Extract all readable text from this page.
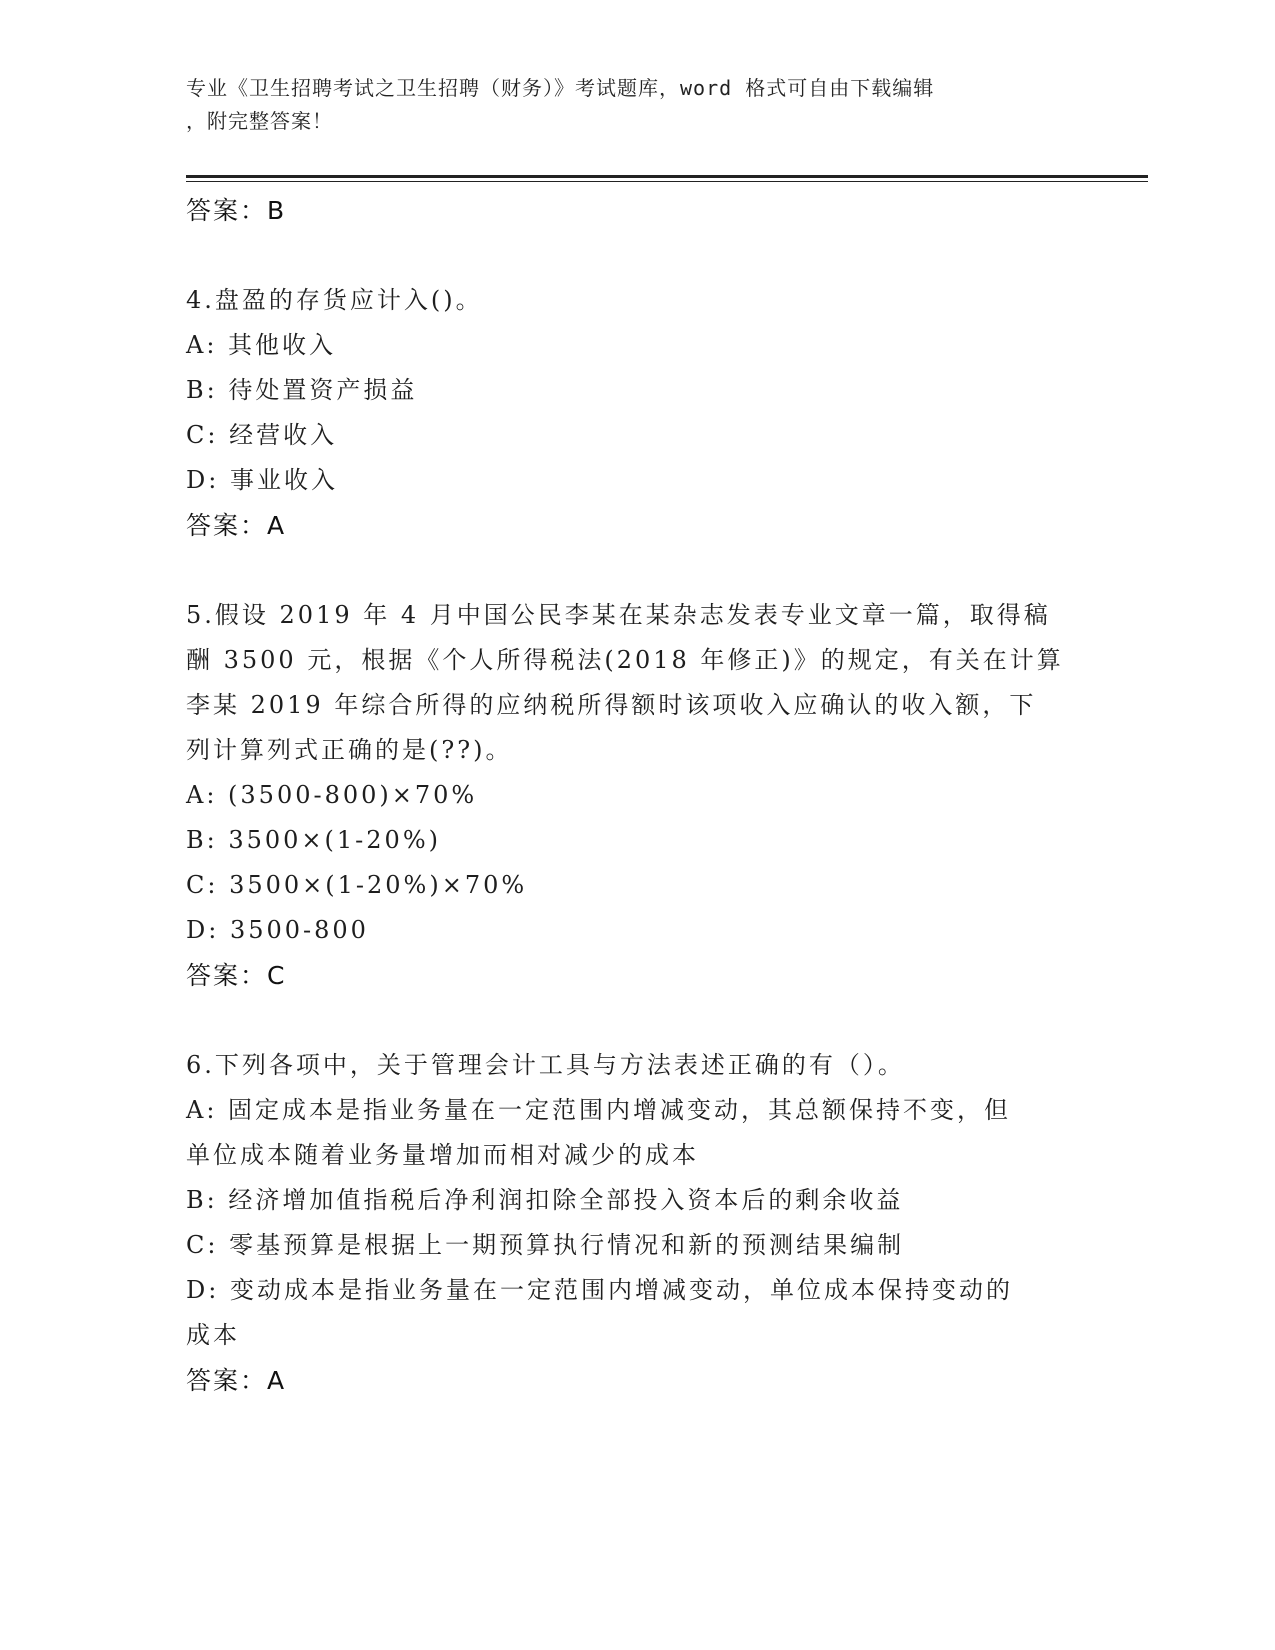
专业《卫生招聘考试之卫生招聘（财务）》考试题库，word 格式可自由下载编辑
，附完整答案！
答案：B
4.盘盈的存货应计入()。
A: 其他收入
B: 待处置资产损益
C: 经营收入
D: 事业收入
答案：A
5.假设 2019 年 4 月中国公民李某在某杂志发表专业文章一篇，取得稿
酬 3500 元，根据《个人所得税法(2018 年修正)》的规定，有关在计算
李某 2019 年综合所得的应纳税所得额时该项收入应确认的收入额，下
列计算列式正确的是(??)。
A: (3500-800)×70%
B: 3500×(1-20%)
C: 3500×(1-20%)×70%
D: 3500-800
答案：C
6.下列各项中，关于管理会计工具与方法表述正确的有（）。
A: 固定成本是指业务量在一定范围内增减变动，其总额保持不变，但
单位成本随着业务量增加而相对减少的成本
B: 经济增加值指税后净利润扣除全部投入资本后的剩余收益
C: 零基预算是根据上一期预算执行情况和新的预测结果编制
D: 变动成本是指业务量在一定范围内增减变动，单位成本保持变动的
成本
答案：A
